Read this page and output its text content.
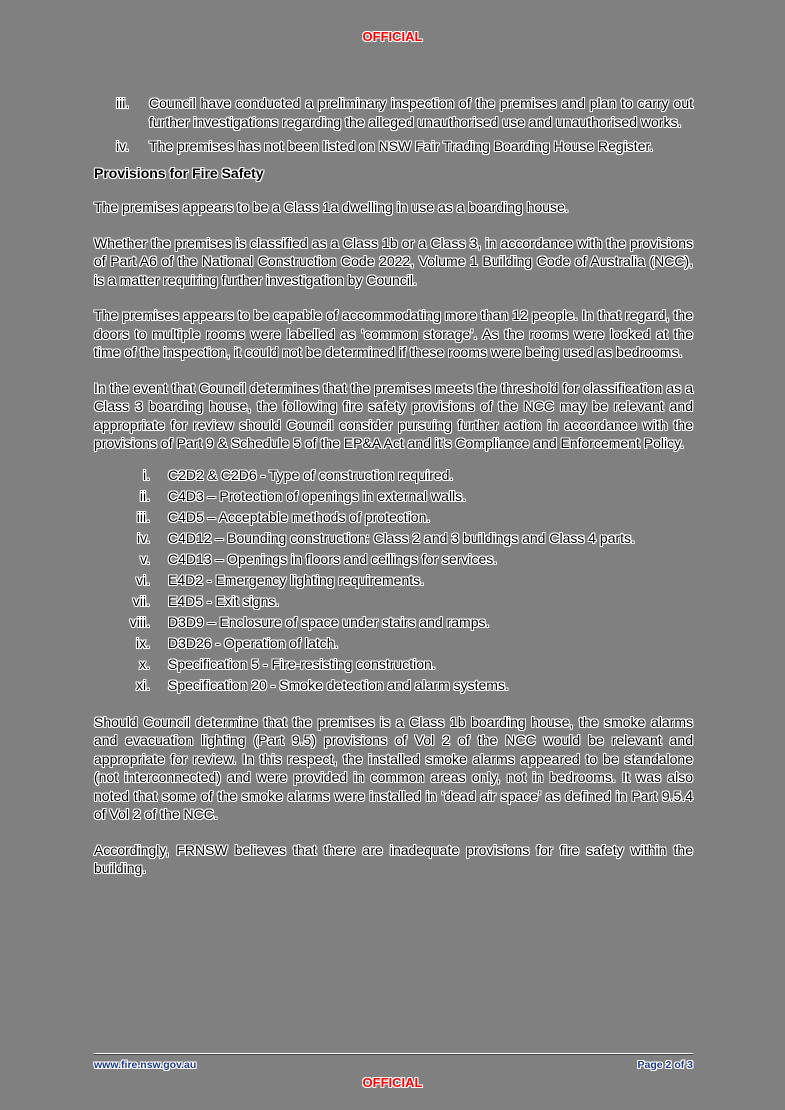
OFFICIAL
iii.	Council have conducted a preliminary inspection of the premises and plan to carry out further investigations regarding the alleged unauthorised use and unauthorised works.
iv.	The premises has not been listed on NSW Fair Trading Boarding House Register.
Provisions for Fire Safety

The premises appears to be a Class 1a dwelling in use as a boarding house.

Whether the premises is classified as a Class 1b or a Class 3, in accordance with the provisions of Part A6 of the National Construction Code 2022, Volume 1 Building Code of Australia (NCC), is a matter requiring further investigation by Council.

The premises appears to be capable of accommodating more than 12 people. In that regard, the doors to multiple rooms were labelled as ‘common storage’. As the rooms were locked at the time of the inspection, it could not be determined if these rooms were being used as bedrooms.

In the event that Council determines that the premises meets the threshold for classification as a Class 3 boarding house, the following fire safety provisions of the NCC may be relevant and appropriate for review should Council consider pursuing further action in accordance with the provisions of Part 9 & Schedule 5 of the EP&A Act and it's Compliance and Enforcement Policy.

i.	C2D2 & C2D6 - Type of construction required.
ii.	C4D3 – Protection of openings in external walls.
iii.	C4D5 – Acceptable methods of protection.
iv.	C4D12 – Bounding construction: Class 2 and 3 buildings and Class 4 parts.
v.	C4D13 – Openings in floors and ceilings for services.
vi.	E4D2 - Emergency lighting requirements.
vii.	E4D5 - Exit signs.
viii.	D3D9 – Enclosure of space under stairs and ramps.
ix.	D3D26 - Operation of latch.
x.	Specification 5 - Fire-resisting construction.
xi.	Specification 20 - Smoke detection and alarm systems.

Should Council determine that the premises is a Class 1b boarding house, the smoke alarms and evacuation lighting (Part 9.5) provisions of Vol 2 of the NCC would be relevant and appropriate for review. In this respect, the installed smoke alarms appeared to be standalone (not interconnected) and were provided in common areas only, not in bedrooms. It was also noted that some of the smoke alarms were installed in ‘dead air space’ as defined in Part 9.5.4 of Vol 2 of the NCC.

Accordingly, FRNSW believes that there are inadequate provisions for fire safety within the building.

www.fire.nsw.gov.au	Page 2 of 3
OFFICIAL
